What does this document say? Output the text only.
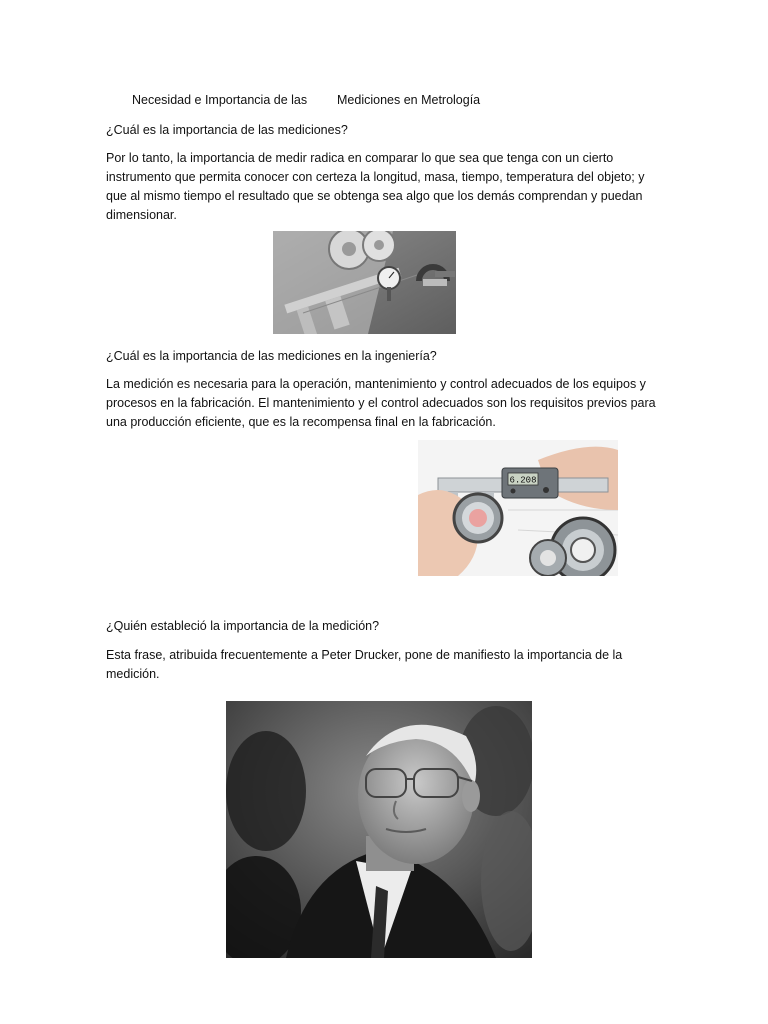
Necesidad e Importancia de las Mediciones en Metrología

¿Cuál es la importancia de las mediciones?

Por lo tanto, la importancia de medir radica en comparar lo que sea que tenga con un cierto instrumento que permita conocer con certeza la longitud, masa, tiempo, temperatura del objeto; y que al mismo tiempo el resultado que se obtenga sea algo que los demás comprendan y puedan dimensionar.

¿Cuál es la importancia de las mediciones en la ingeniería?

La medición es necesaria para la operación, mantenimiento y control adecuados de los equipos y procesos en la fabricación. El mantenimiento y el control adecuados son los requisitos previos para una producción eficiente, que es la recompensa final en la fabricación.

6.208

¿Quién estableció la importancia de la medición?

Esta frase, atribuida frecuentemente a Peter Drucker, pone de manifiesto la importancia de la medición.
